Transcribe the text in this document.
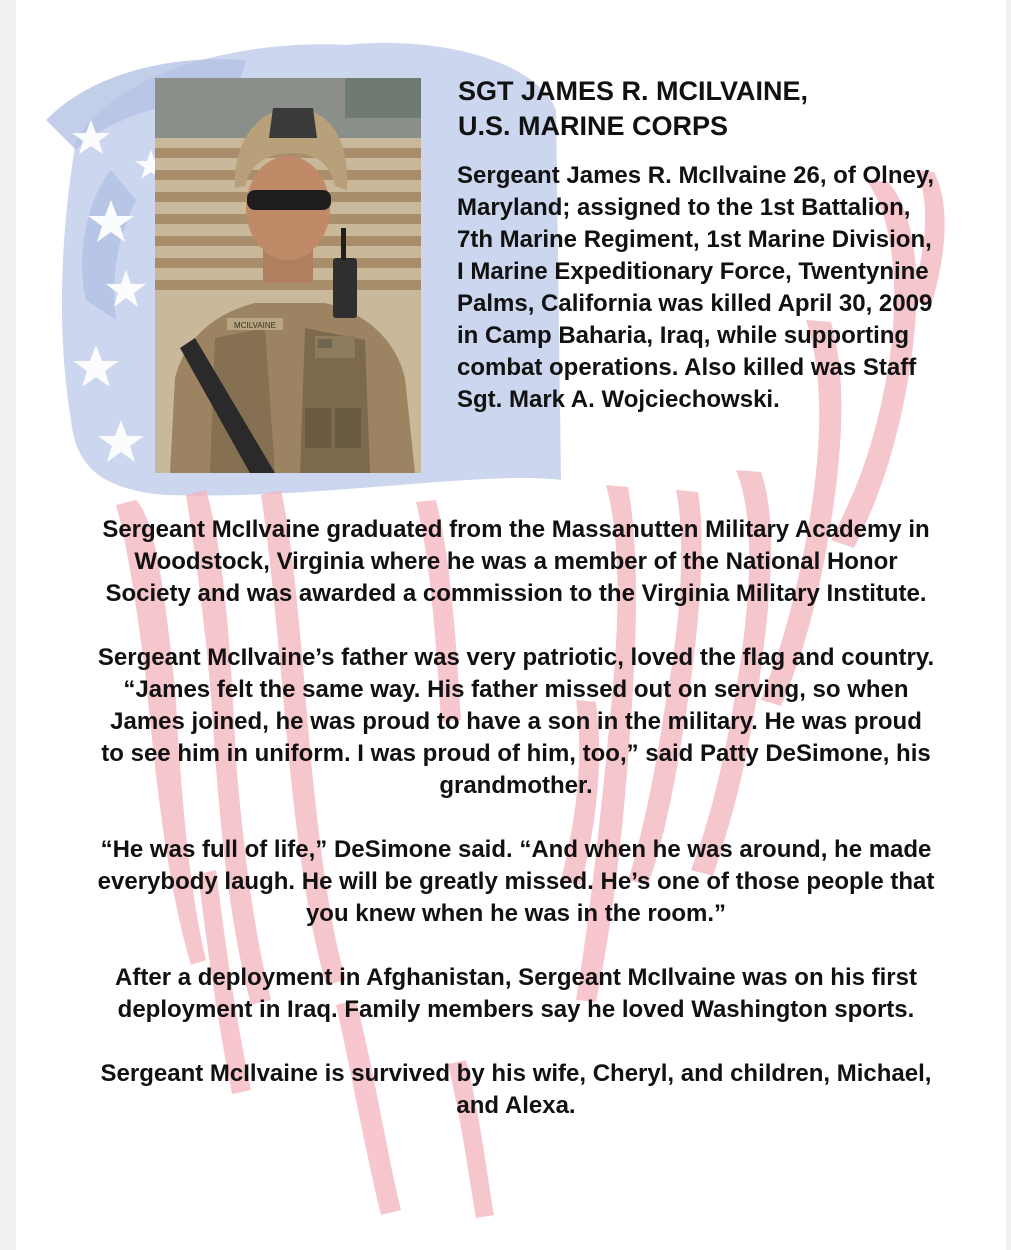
MCILVAINE
SGT JAMES R. MCILVAINE,
U.S. MARINE CORPS

Sergeant James R. McIlvaine 26, of Olney, Maryland; assigned to the 1st Battalion, 7th Marine Regiment, 1st Marine Division, I Marine Expeditionary Force, Twentynine Palms, California was killed April 30, 2009 in Camp Baharia, Iraq, while supporting combat operations. Also killed was Staff Sgt. Mark A. Wojciechowski.

Sergeant McIlvaine graduated from the Massanutten Military Academy in Woodstock, Virginia where he was a member of the National Honor Society and was awarded a commission to the Virginia Military Institute.

Sergeant McIlvaine’s father was very patriotic, loved the flag and country. “James felt the same way. His father missed out on serving, so when James joined, he was proud to have a son in the military. He was proud to see him in uniform. I was proud of him, too,” said Patty DeSimone, his grandmother.

“He was full of life,” DeSimone said. “And when he was around, he made everybody laugh. He will be greatly missed. He’s one of those people that you knew when he was in the room.”

After a deployment in Afghanistan, Sergeant McIlvaine was on his first deployment in Iraq. Family members say he loved Washington sports.

Sergeant McIlvaine is survived by his wife, Cheryl, and children, Michael, and Alexa.
